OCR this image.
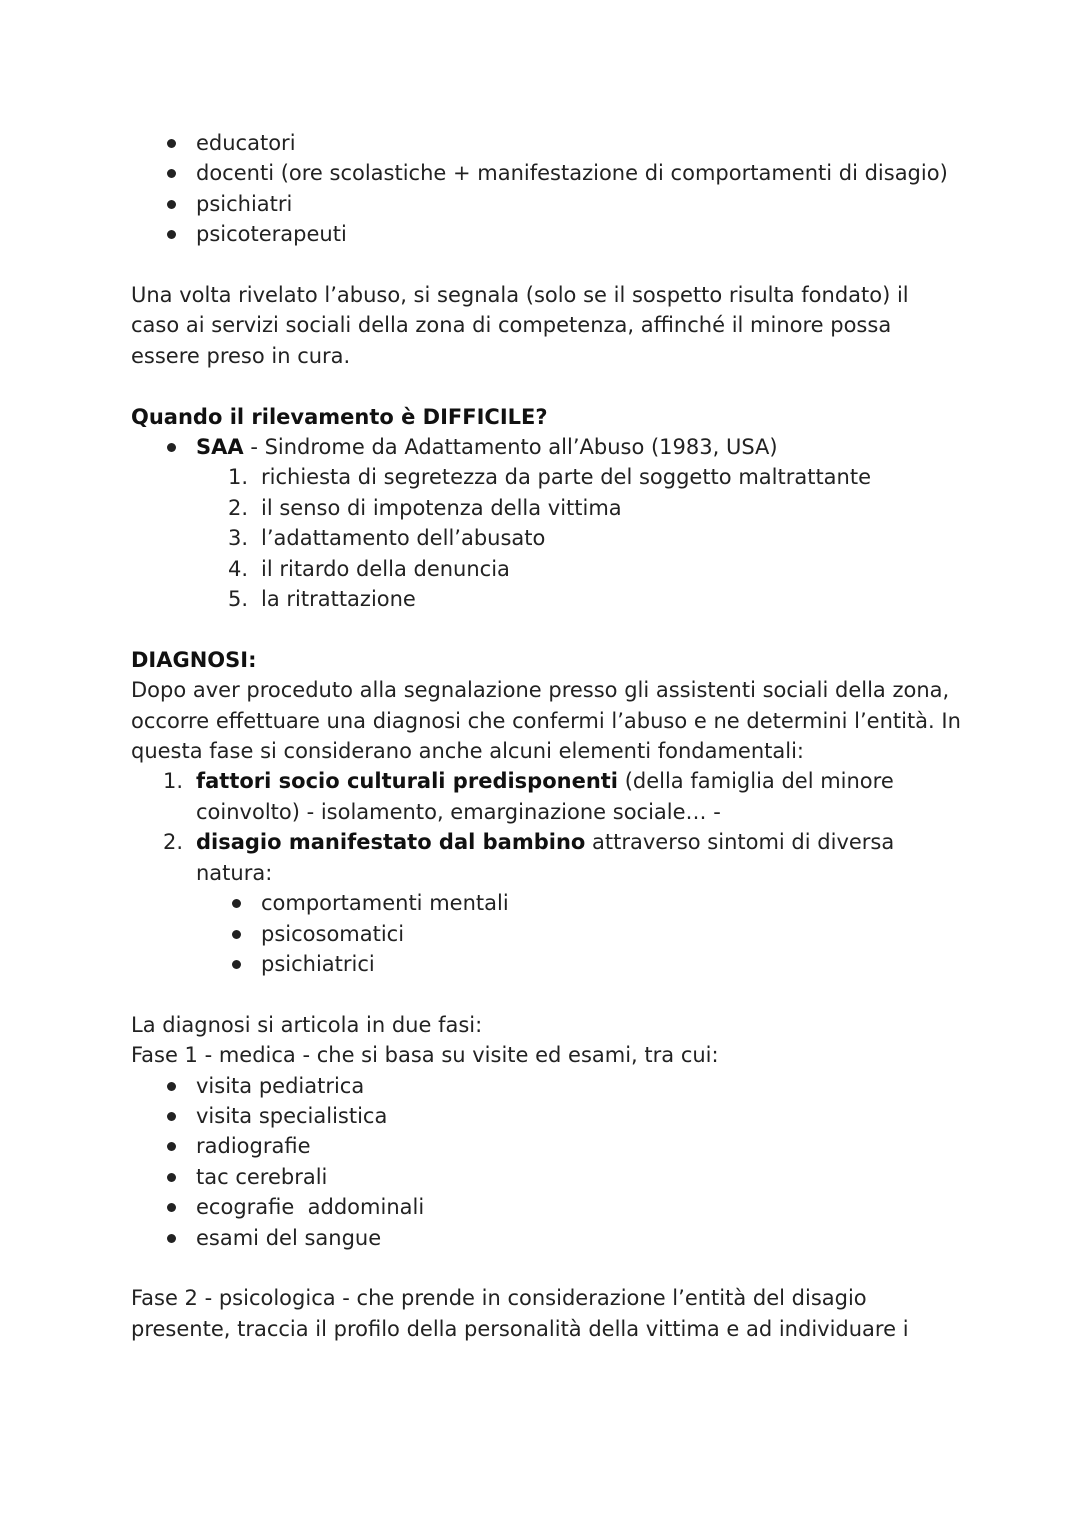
educatori
docenti (ore scolastiche + manifestazione di comportamenti di disagio)
psichiatri
psicoterapeuti

Una volta rivelato l’abuso, si segnala (solo se il sospetto risulta fondato) il caso ai servizi sociali della zona di competenza, affinché il minore possa essere preso in cura.

Quando il rilevamento è DIFFICILE?

SAA - Sindrome da Adattamento all’Abuso (1983, USA)
1. richiesta di segretezza da parte del soggetto maltrattante
2. il senso di impotenza della vittima
3. l’adattamento dell’abusato
4. il ritardo della denuncia
5. la ritrattazione

DIAGNOSI:

Dopo aver proceduto alla segnalazione presso gli assistenti sociali della zona, occorre effettuare una diagnosi che confermi l’abuso e ne determini l’entità. In questa fase si considerano anche alcuni elementi fondamentali:

1. fattori socio culturali predisponenti (della famiglia del minore
coinvolto) - isolamento, emarginazione sociale… -
2. disagio manifestato dal bambino attraverso sintomi di diversa
natura:
comportamenti mentali
psicosomatici
psichiatrici

La diagnosi si articola in due fasi:

Fase 1 - medica - che si basa su visite ed esami, tra cui:

visita pediatrica
visita specialistica
radiografie
tac cerebrali
ecografie  addominali
esami del sangue

Fase 2 - psicologica - che prende in considerazione l’entità del disagio presente, traccia il profilo della personalità della vittima e ad individuare i
